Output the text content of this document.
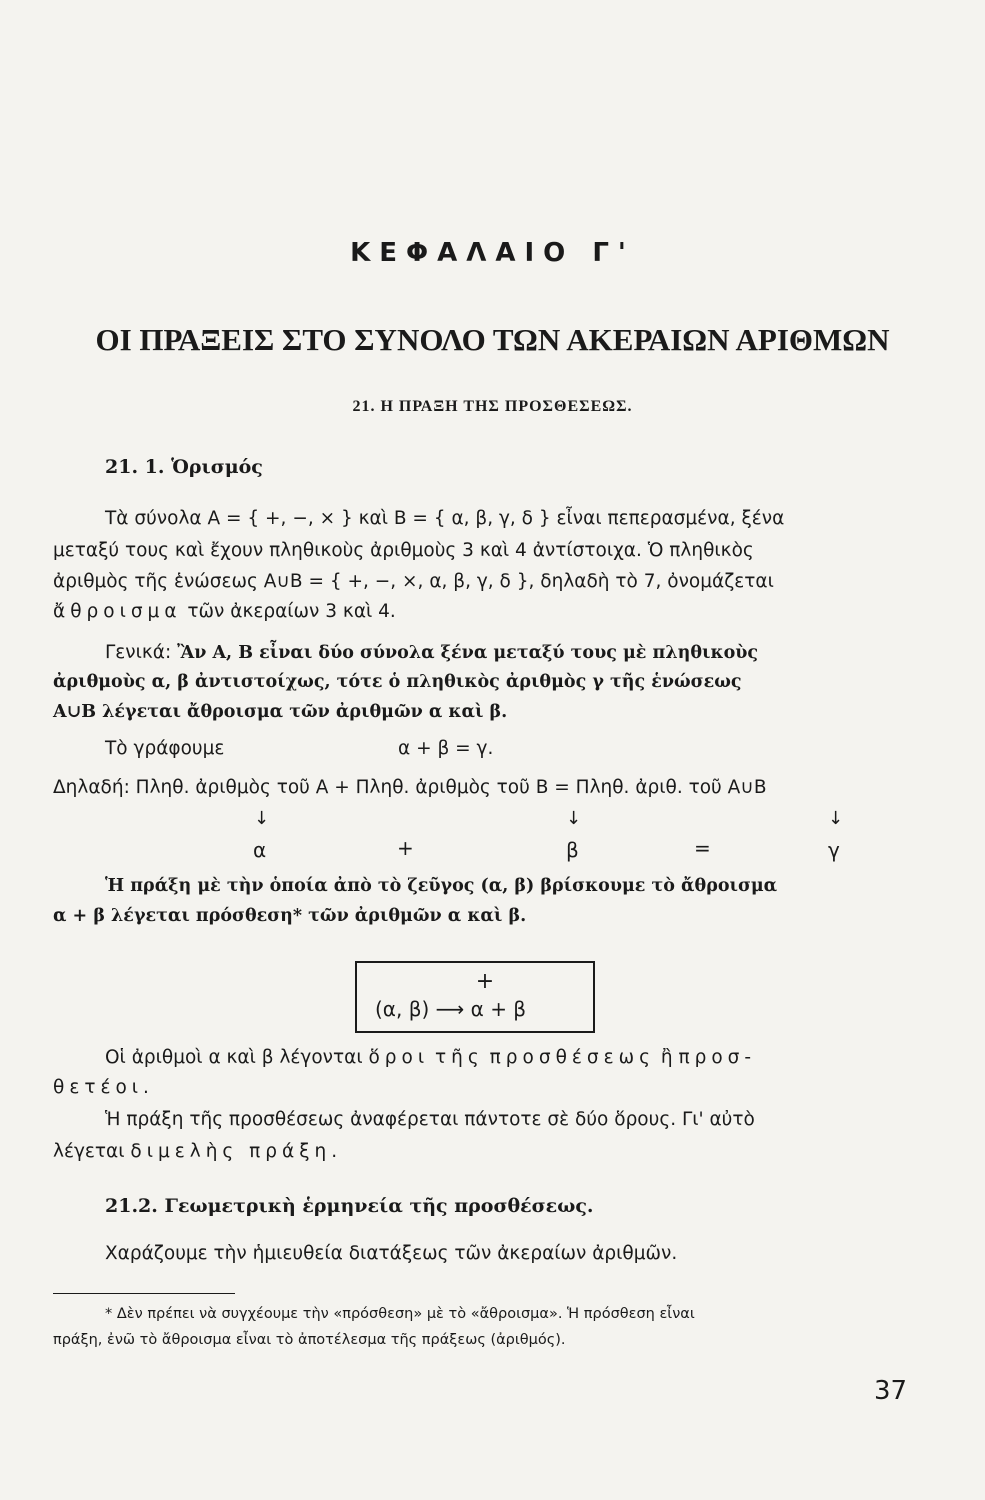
ΚΕΦΑΛΑΙΟ Γ'
ΟΙ ΠΡΑΞΕΙΣ ΣΤΟ ΣΥΝΟΛΟ ΤΩΝ ΑΚΕΡΑΙΩΝ ΑΡΙΘΜΩΝ
21. Η ΠΡΑΞΗ ΤΗΣ ΠΡΟΣΘΕΣΕΩΣ.
21. 1. Ὁρισμός
Τὰ σύνολα Α = { +, −, × } καὶ Β = { α, β, γ, δ } εἶναι πεπερασμένα, ξένα
μεταξύ τους καὶ ἔχουν πληθικοὺς ἀριθμοὺς 3 καὶ 4 ἀντίστοιχα. Ὁ πληθικὸς
ἀριθμὸς τῆς ἑνώσεως Α∪Β = { +, −, ×, α, β, γ, δ }, δηλαδὴ τὸ 7, ὀνομάζεται
ἄθροισμα τῶν ἀκεραίων 3 καὶ 4.
Γενικά: Ἂν Α, Β εἶναι δύο σύνολα ξένα μεταξύ τους μὲ πληθικοὺς
ἀριθμοὺς α, β ἀντιστοίχως, τότε ὁ πληθικὸς ἀριθμὸς γ τῆς ἑνώσεως
Α∪Β λέγεται ἄθροισμα τῶν ἀριθμῶν α καὶ β.
Τὸ γράφουμε	α + β = γ.
Δηλαδή: Πληθ. ἀριθμὸς τοῦ Α + Πληθ. ἀριθμὸς τοῦ Β = Πληθ. ἀριθ. τοῦ Α∪Β
↓	↓	↓
α	+	β	=	γ
Ἡ πράξη μὲ τὴν ὁποία ἀπὸ τὸ ζεῦγος (α, β) βρίσκουμε τὸ ἄθροισμα
α + β λέγεται πρόσθεση* τῶν ἀριθμῶν α καὶ β.
+
(α, β) ⟶ α + β
Οἱ ἀριθμοὶ α καὶ β λέγονται ὅροι τῆς προσθέσεως ἢ προσ-
θετέοι.
Ἡ πράξη τῆς προσθέσεως ἀναφέρεται πάντοτε σὲ δύο ὅρους. Γι' αὐτὸ
λέγεται διμελὴς πράξη.
21.2. Γεωμετρικὴ ἑρμηνεία τῆς προσθέσεως.
Χαράζουμε τὴν ἡμιευθεία διατάξεως τῶν ἀκεραίων ἀριθμῶν.
* Δὲν πρέπει νὰ συγχέουμε τὴν «πρόσθεση» μὲ τὸ «ἄθροισμα». Ἡ πρόσθεση εἶναι
πράξη, ἐνῶ τὸ ἄθροισμα εἶναι τὸ ἀποτέλεσμα τῆς πράξεως (ἀριθμός).
37
